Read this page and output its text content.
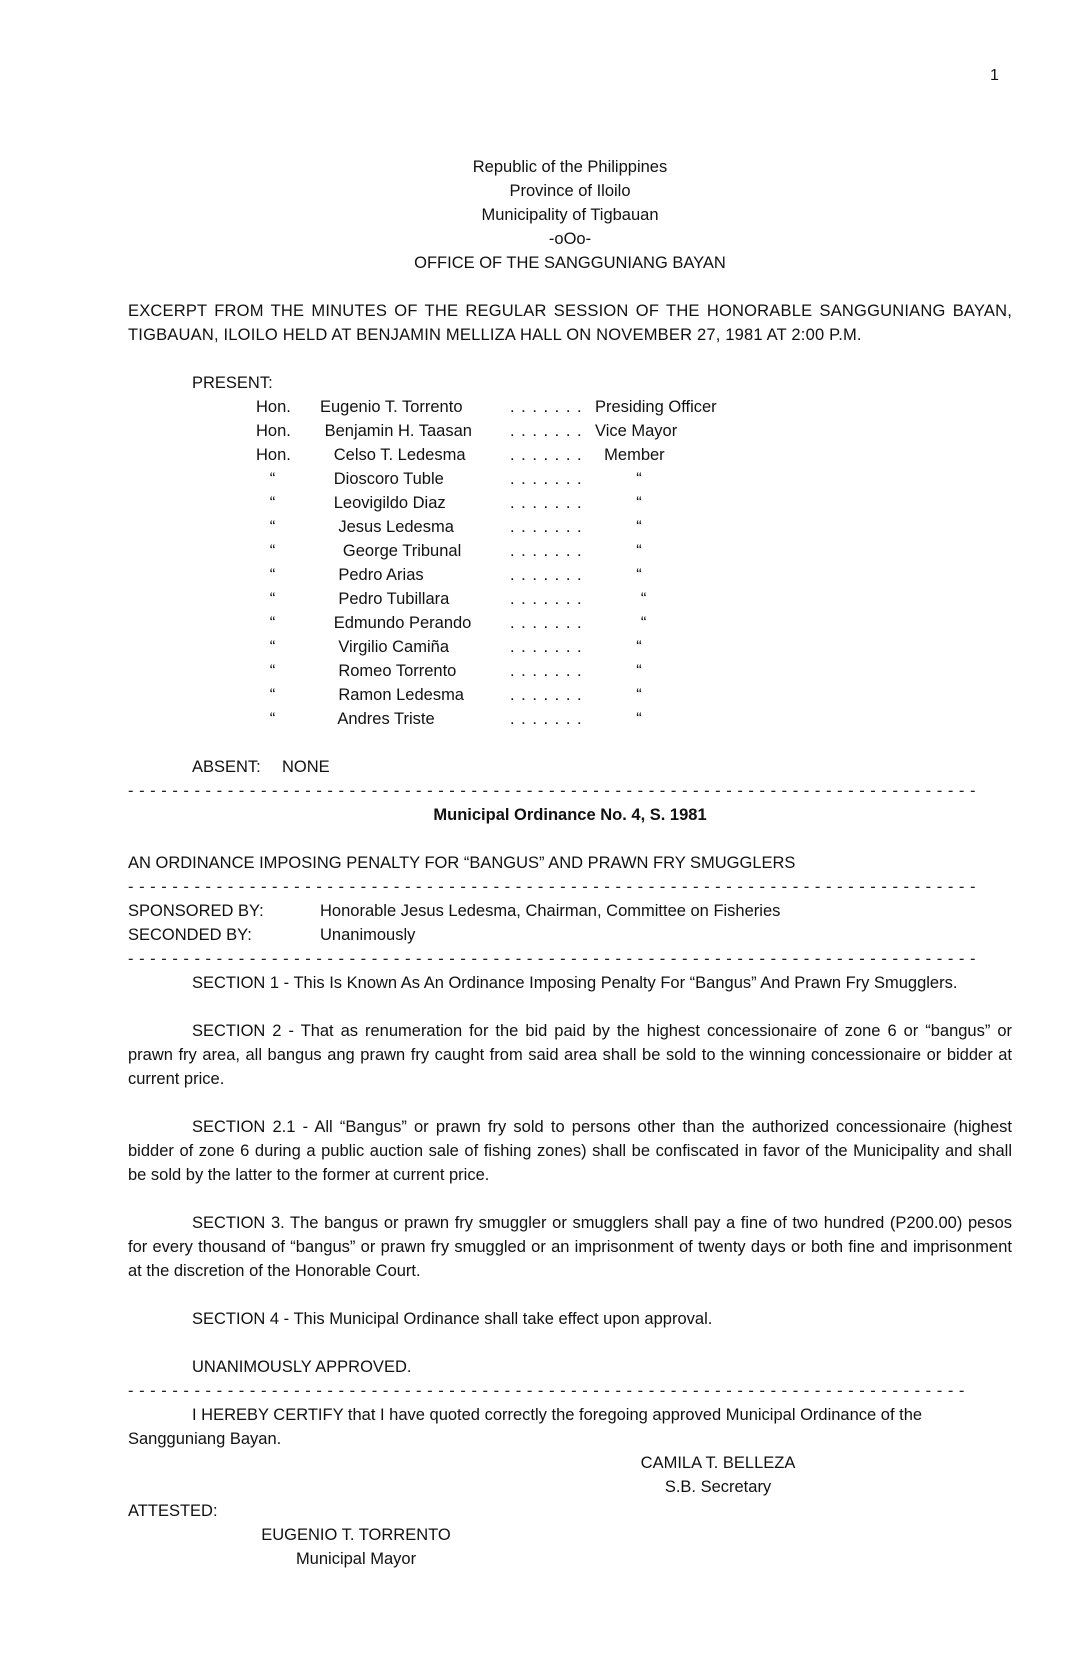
1
Republic of the Philippines
Province of Iloilo
Municipality of Tigbauan
-oOo-
OFFICE OF THE SANGGUNIANG BAYAN
EXCERPT FROM THE MINUTES OF THE REGULAR SESSION OF THE HONORABLE SANGGUNIANG BAYAN, TIGBAUAN, ILOILO HELD AT BENJAMIN MELLIZA HALL ON NOVEMBER 27, 1981 AT 2:00 P.M.
PRESENT:
Hon.	Eugenio T. Torrento	. . . . . . . Presiding Officer
Hon.	Benjamin H. Taasan	. . . . . . . Vice Mayor
Hon.	Celso T. Ledesma	. . . . . . . Member
“	Dioscoro Tuble	. . . . . . . “
“	Leovigildo Diaz	. . . . . . . “
“	Jesus Ledesma	. . . . . . . “
“	George Tribunal	. . . . . . . “
“	Pedro Arias	. . . . . . . “
“	Pedro Tubillara	. . . . . . . “
“	Edmundo Perando	. . . . . . . “
“	Virgilio Camiña	. . . . . . . “
“	Romeo Torrento	. . . . . . . “
“	Ramon Ledesma	. . . . . . . “
“	Andres Triste	. . . . . . . “
ABSENT:	NONE
- - - - - - - - - - - - - - - - - - - - - - - - - - - - - - - - - - - - - - - - - - - - - - - - - - - - - - - - - - - - - - - - - - - - - - - - - - - - -
Municipal Ordinance No. 4, S. 1981
AN ORDINANCE IMPOSING PENALTY FOR “BANGUS” AND PRAWN FRY SMUGGLERS
- - - - - - - - - - - - - - - - - - - - - - - - - - - - - - - - - - - - - - - - - - - - - - - - - - - - - - - - - - - - - - - - - - - - - - - - - - - - -
SPONSORED BY:	Honorable Jesus Ledesma, Chairman, Committee on Fisheries
SECONDED BY:	Unanimously
- - - - - - - - - - - - - - - - - - - - - - - - - - - - - - - - - - - - - - - - - - - - - - - - - - - - - - - - - - - - - - - - - - - - - - - - - - - - -
SECTION 1 - This Is Known As An Ordinance Imposing Penalty For “Bangus” And Prawn Fry Smugglers.
SECTION 2 - That as renumeration for the bid paid by the highest concessionaire of zone 6 or “bangus” or prawn fry area, all bangus ang prawn fry caught from said area shall be sold to the winning concessionaire or bidder at current price.
SECTION 2.1 - All “Bangus” or prawn fry sold to persons other than the authorized concessionaire (highest bidder of zone 6 during a public auction sale of fishing zones) shall be confiscated in favor of the Municipality and shall be sold by the latter to the former at current price.
SECTION 3. The bangus or prawn fry smuggler or smugglers shall pay a fine of two hundred (P200.00) pesos for every thousand of “bangus” or prawn fry smuggled or an imprisonment of twenty days or both fine and imprisonment at the discretion of the Honorable Court.
SECTION 4 - This Municipal Ordinance shall take effect upon approval.
UNANIMOUSLY APPROVED.
- - - - - - - - - - - - - - - - - - - - - - - - - - - - - - - - - - - - - - - - - - - - - - - - - - - - - - - - - - - - - - - - - - - - - - - - - - - -
I HEREBY CERTIFY that I have quoted correctly the foregoing approved Municipal Ordinance of the Sangguniang Bayan.
CAMILA T. BELLEZA
S.B. Secretary
ATTESTED:
EUGENIO T. TORRENTO
Municipal Mayor
